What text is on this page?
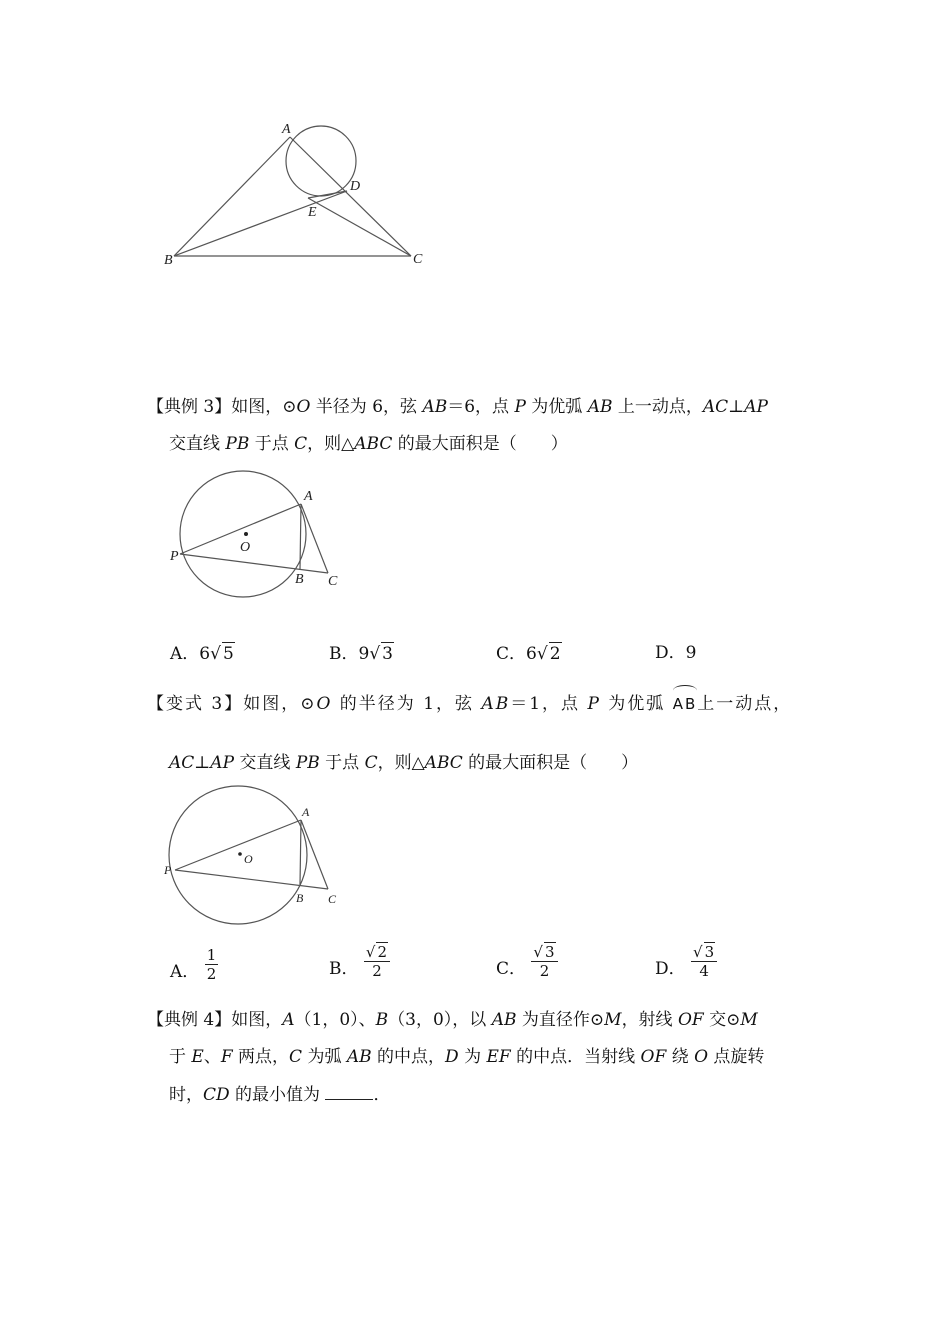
A
D
E
B	C
【典例 3】如图，⊙O 半径为 6，弦 AB＝6，点 P 为优弧 AB 上一动点，AC⊥AP
交直线 PB 于点 C，则△ABC 的最大面积是（　　）
A
O
P
B C
A．6√ 5	B．9√ 3	C．6√ 2	D．9
【变式 3】如图，⊙O 的半径为 1，弦 AB＝1，点 P 为优弧 AB上一动点，
AC⊥AP 交直线 PB 于点 C，则△ABC 的最大面积是（　　）
A
O
P
B C
A． $\frac{1}{2}$	B． $\frac{√ 2}{2}$	C． $\frac{√ 3}{2}$	D． $\frac{√ 3}{4}$
【典例 4】如图，A（1，0）、B（3，0），以 AB 为直径作⊙M，射线 OF 交⊙M
于 E、F 两点，C 为弧 AB 的中点，D 为 EF 的中点．当射线 OF 绕 O 点旋转
时，CD 的最小值为	．
